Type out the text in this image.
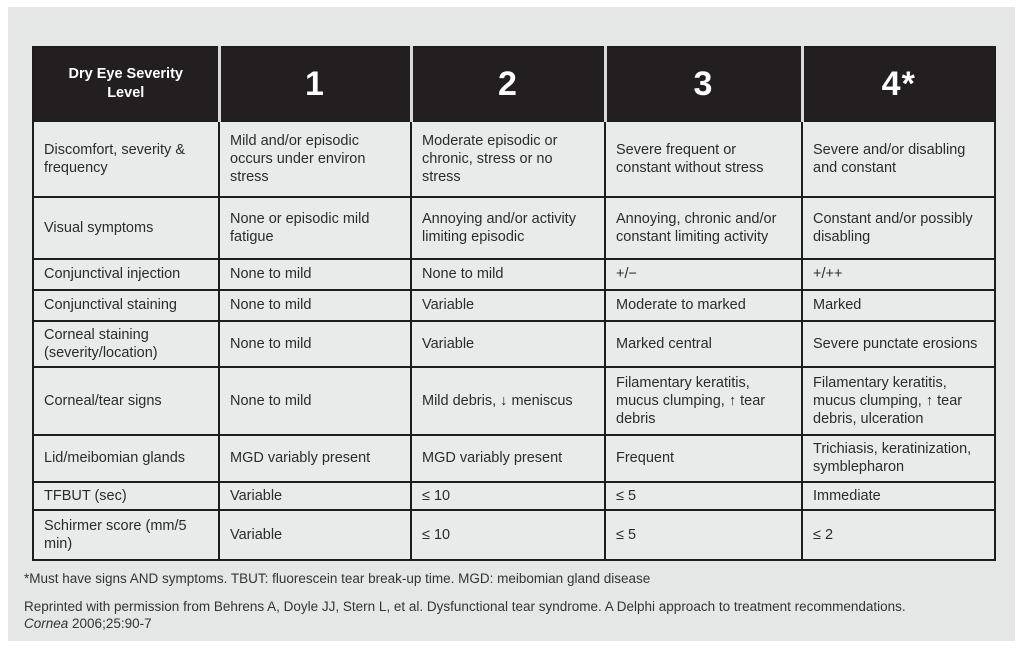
Dry Eye Severity Level	1	2	3	4*
Discomfort, severity & frequency	Mild and/or episodic occurs under environ stress	Moderate episodic or chronic, stress or no stress	Severe frequent or constant without stress	Severe and/or disabling and constant
Visual symptoms	None or episodic mild fatigue	Annoying and/or activity limiting episodic	Annoying, chronic and/or constant limiting activity	Constant and/or possibly disabling
Conjunctival injection	None to mild	None to mild	+/−	+/++
Conjunctival staining	None to mild	Variable	Moderate to marked	Marked
Corneal staining (severity/location)	None to mild	Variable	Marked central	Severe punctate erosions
Corneal/tear signs	None to mild	Mild debris, ↓ meniscus	Filamentary keratitis, mucus clumping, ↑ tear debris	Filamentary keratitis, mucus clumping, ↑ tear debris, ulceration
Lid/meibomian glands	MGD variably present	MGD variably present	Frequent	Trichiasis, keratinization, symblepharon
TFBUT (sec)	Variable	≤ 10	≤ 5	Immediate
Schirmer score (mm/5 min)	Variable	≤ 10	≤ 5	≤ 2

*Must have signs AND symptoms. TBUT: fluorescein tear break-up time. MGD: meibomian gland disease

Reprinted with permission from Behrens A, Doyle JJ, Stern L, et al. Dysfunctional tear syndrome. A Delphi approach to treatment recommendations.
Cornea 2006;25:90-7
